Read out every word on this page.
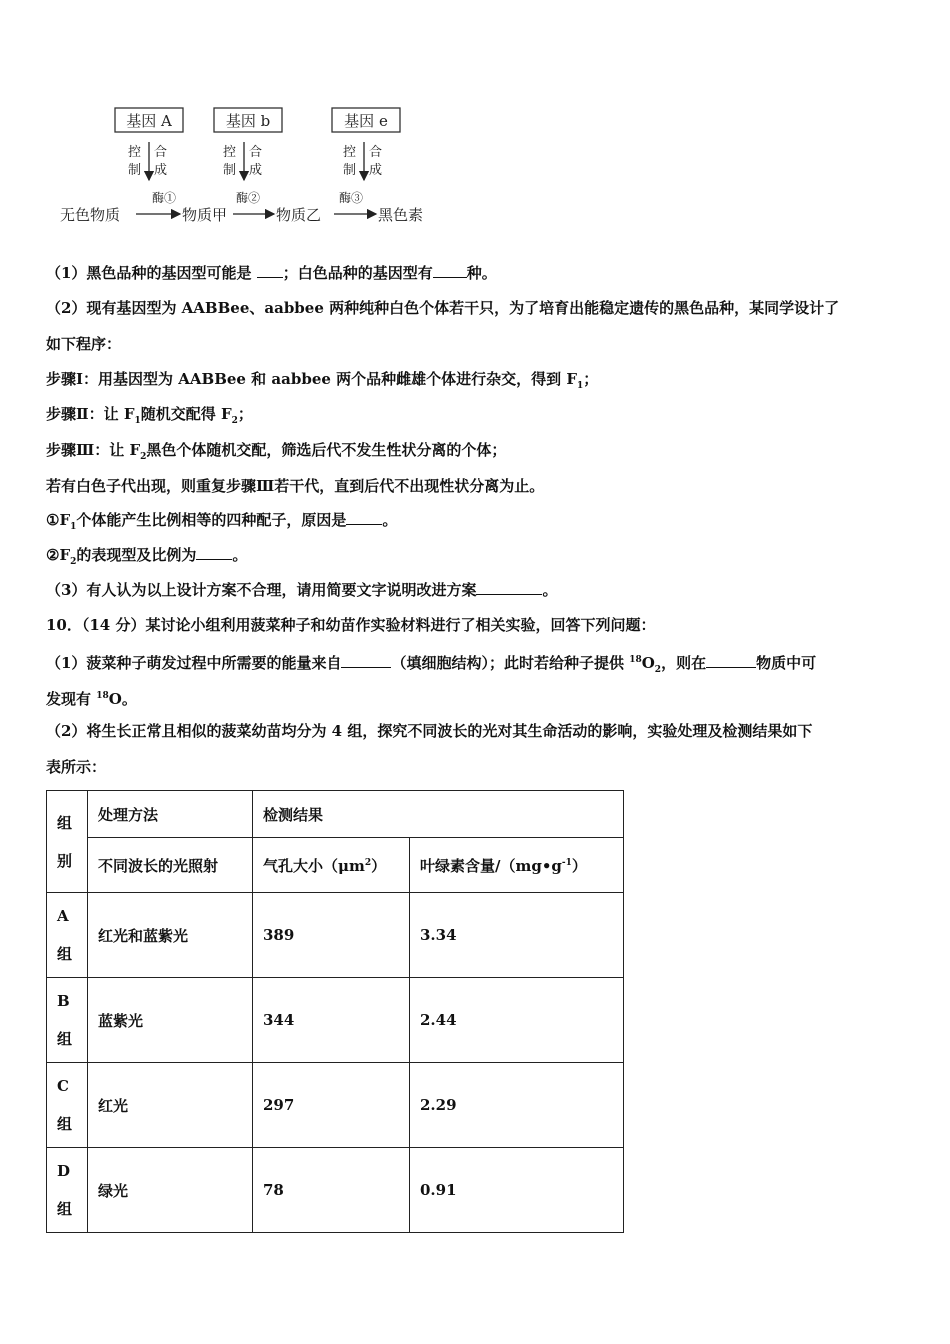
基因 A	基因 b	基因 e
控
制
合
成
控
制
合
成
控
制
合
成
无色物质
酶①
物质甲
酶②
物质乙
酶③
黑色素
（1）黑色品种的基因型可能是 ；白色品种的基因型有 种。
（2）现有基因型为 AABBee、aabbee 两种纯种白色个体若干只，为了培育出能稳定遗传的黑色品种，某同学设计了
如下程序：
步骤Ⅰ：用基因型为 AABBee 和 aabbee 两个品种雌雄个体进行杂交，得到 $F_1$；
步骤Ⅱ：让 $F_1$随机交配得 $F_2$；
步骤Ⅲ：让 $F_2$黑色个体随机交配，筛选后代不发生性状分离的个体；
若有白色子代出现，则重复步骤Ⅲ若干代，直到后代不出现性状分离为止。
$①F_1$个体能产生比例相等的四种配子，原因是 。
$②F_2$的表现型及比例为 。
（3）有人认为以上设计方案不合理，请用简要文字说明改进方案	。
10．（14 分）某讨论小组利用菠菜种子和幼苗作实验材料进行了相关实验，回答下列问题：
（1）菠菜种子萌发过程中所需要的能量来自	（填细胞结构）；此时若给种子提供 $^{18}O_2$，则在	物质中可
发现有 $^{18}$O。
（2）将生长正常且相似的菠菜幼苗均分为 4 组，探究不同波长的光对其生命活动的影响，实验处理及检测结果如下
表所示：
组
别	处理方法	检测结果	
	不同波长的光照射	气孔大小$(\mu m^2)$	叶绿素含量$/(mg•g^{-1})$
A
组	红光和蓝紫光	389	3.34
B
组	蓝紫光	344	2.44
C
组	红光	297	2.29
D
组	绿光	78	0.91
